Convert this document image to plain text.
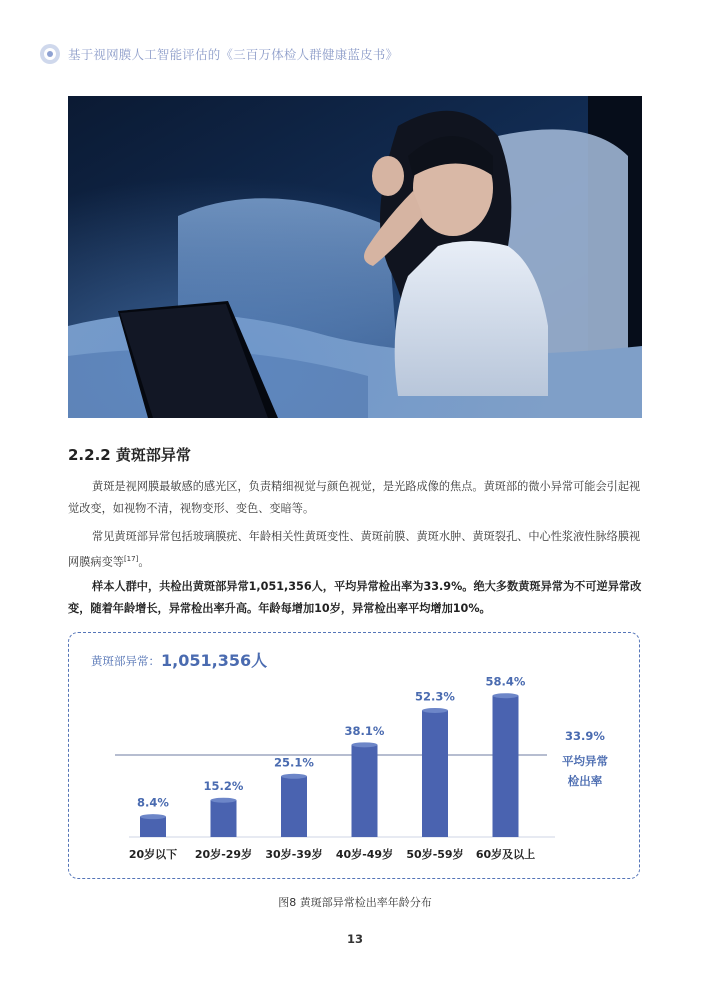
基于视网膜人工智能评估的《三百万体检人群健康蓝皮书》
2.2.2 黄斑部异常

黄斑是视网膜最敏感的感光区，负责精细视觉与颜色视觉，是光路成像的焦点。黄斑部的微小异常可能会引起视觉改变，如视物不清，视物变形、变色、变暗等。

常见黄斑部异常包括玻璃膜疣、年龄相关性黄斑变性、黄斑前膜、黄斑水肿、黄斑裂孔、中心性浆液性脉络膜视网膜病变等[17]。

样本人群中，共检出黄斑部异常1,051,356人，平均异常检出率为33.9%。绝大多数黄斑异常为不可逆异常改变，随着年龄增长，异常检出率升高。年龄每增加10岁，异常检出率平均增加10%。

黄斑部异常： 1,051,356人
8.4%
20岁以下
15.2%
20岁-29岁
25.1%
30岁-39岁
38.1%
40岁-49岁
52.3%
50岁-59岁
58.4%
60岁及以上
33.9%
平均异常
检出率
图8 黄斑部异常检出率年龄分布
13
